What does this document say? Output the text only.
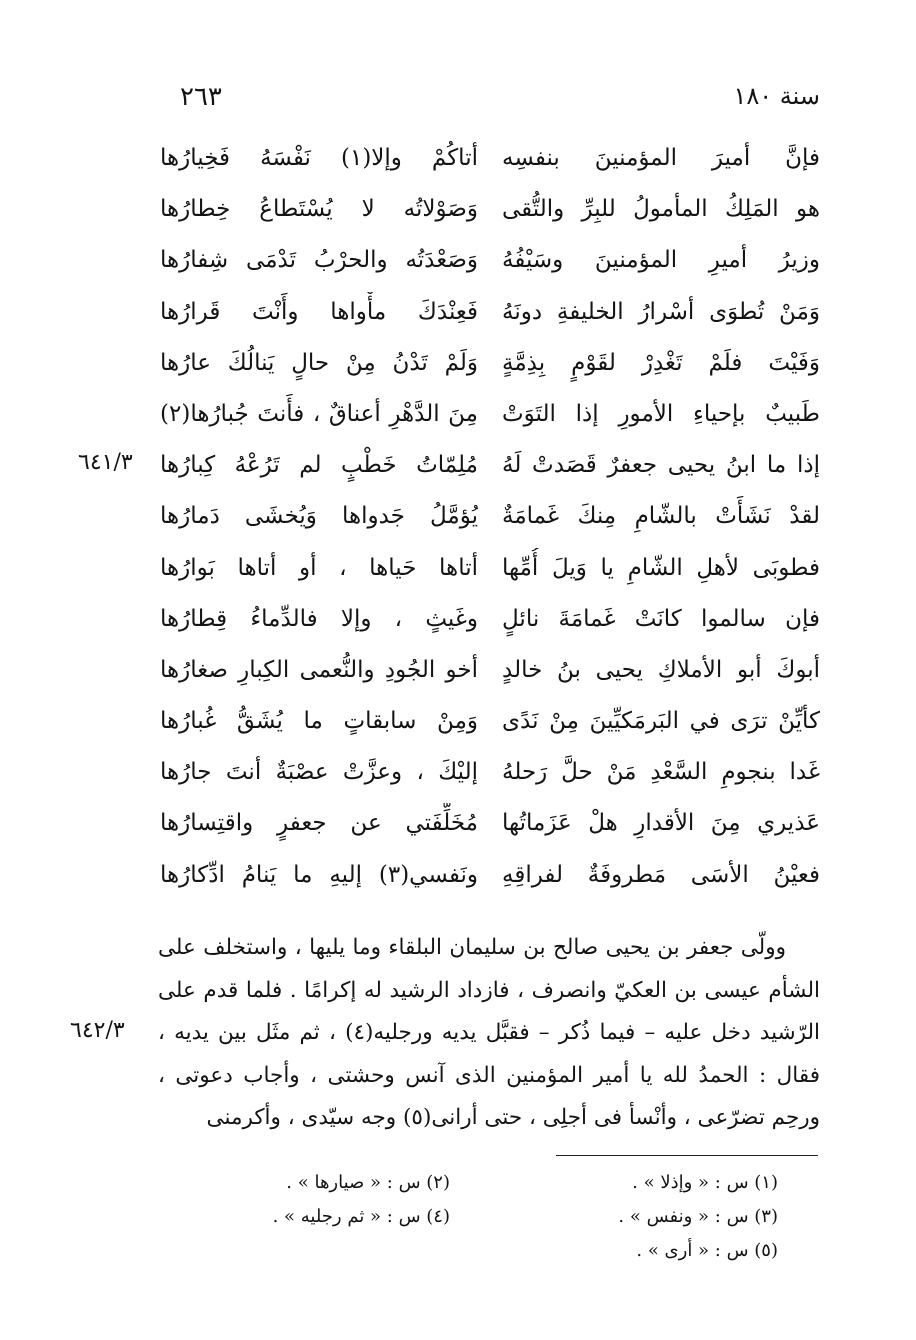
سنة ١٨٠
٢٦٣
فإنَّ أميرَ المؤمنينَ بنفسِه
أتاكُمْ وإلا(١) نَفْسَهُ فَخِيارُها
هو المَلِكُ المأمولُ للبِرِّ والتُّقى
وَصَوْلاتُه لا يُسْتَطاعُ خِطارُها
وزيرُ أميرِ المؤمنينَ وسَيْفُهُ
وَصَعْدَتُه والحرْبُ تَدْمَى شِفارُها
وَمَنْ تُطوَى أسْرارُ الخليفةِ دونَهُ
فَعِنْدَكَ مأْواها وأَنْتَ قَرارُها
وَفَيْتَ فلَمْ تَغْدِرْ لقَوْمٍ بِذِمَّةٍ
وَلَمْ تَدْنُ مِنْ حالٍ يَنالُكَ عارُها
طَبيبٌ بإحياءِ الأمورِ إذا التَوَتْ
مِنَ الدَّهْرِ أعناقٌ ، فأَنتَ جُبارُها(٢)
إذا ما ابنُ يحيى جعفرٌ قَصَدتْ لَهُ
مُلِمّاتُ خَطْبٍ لم تَرُعْهُ كِبارُها
لقدْ نَشَأَتْ بالشّامِ مِنكَ غَمامَةٌ
يُؤمَّلُ جَدواها وَيُخشَى دَمارُها
فطوبَى لأهلِ الشّامِ يا وَيلَ أُمِّها
أتاها حَياها ، أو أتاها بَوارُها
فإن سالموا كانَتْ غَمامَةَ نائلٍ
وغَيثٍ ، وإلا فالدِّماءُ قِطارُها
أبوكَ أبو الأملاكِ يحيى بنُ خالدٍ
أخو الجُودِ والنُّعمى الكِبارِ صغارُها
كأيِّنْ ترَى في البَرمَكيِّينَ مِنْ نَدًى
وَمِنْ سابقاتٍ ما يُشَقُّ غُبارُها
غَدا بنجومِ السَّعْدِ مَنْ حلَّ رَحلهُ
إليْكَ ، وعزَّتْ عصْبَةٌ أنتَ جارُها
عَذيري مِنَ الأقدارِ هلْ عَزَماتُها
مُخَلِّفَتي عن جعفرٍ واقتِسارُها
فعيْنُ الأسَى مَطروفَةٌ لفراقِهِ
ونَفسي(٣) إليهِ ما يَنامُ ادِّكارُها
٦٤١/٣
٦٤٢/٣
وولّى جعفر بن يحيى صالح بن سليمان البلقاء وما يليها ، واستخلف على
الشأم عيسى بن العكيّ وانصرف ، فازداد الرشيد له إكرامًا . فلما قدم على
الرّشيد دخل عليه – فيما ذُكر – فقبَّل يديه ورجليه(٤) ، ثم مثَل بين يديه ،
فقال : الحمدُ لله يا أمير المؤمنين الذى آنس وحشتى ، وأجاب دعوتى ،
ورحِم تضرّعى ، وأنْسأ فى أجلِى ، حتى أرانى(٥) وجه سيّدى ، وأكرمنى
(١) س : « وإذلا » .
(٢) س : « صيارها » .
(٣) س : « ونفس » .
(٤) س : « ثم رجليه » .
(٥) س : « أرى » .
